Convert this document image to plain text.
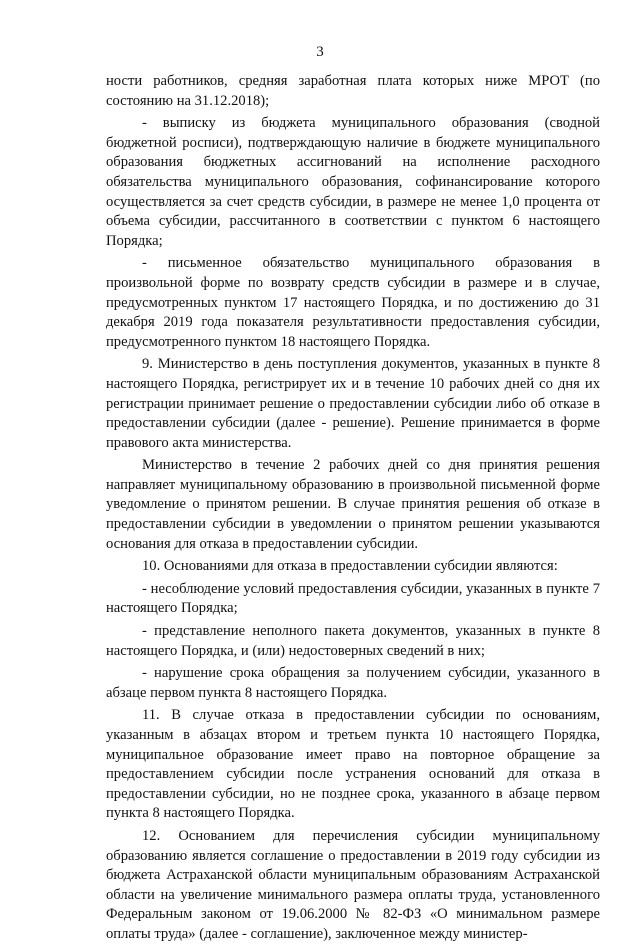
3

ности работников, средняя заработная плата которых ниже МРОТ (по состоянию на 31.12.2018);

- выписку из бюджета муниципального образования (сводной бюджетной росписи), подтверждающую наличие в бюджете муниципального образования бюджетных ассигнований на исполнение расходного обязательства муниципального образования, софинансирование которого осуществляется за счет средств субсидии, в размере не менее 1,0 процента от объема субсидии, рассчитанного в соответствии с пунктом 6 настоящего Порядка;

- письменное обязательство муниципального образования в произвольной форме по возврату средств субсидии в размере и в случае, предусмотренных пунктом 17 настоящего Порядка, и по достижению до 31 декабря 2019 года показателя результативности предоставления субсидии, предусмотренного пунктом 18 настоящего Порядка.

9. Министерство в день поступления документов, указанных в пункте 8 настоящего Порядка, регистрирует их и в течение 10 рабочих дней со дня их регистрации принимает решение о предоставлении субсидии либо об отказе в предоставлении субсидии (далее - решение). Решение принимается в форме правового акта министерства.

Министерство в течение 2 рабочих дней со дня принятия решения направляет муниципальному образованию в произвольной письменной форме уведомление о принятом решении. В случае принятия решения об отказе в предоставлении субсидии в уведомлении о принятом решении указываются основания для отказа в предоставлении субсидии.

10. Основаниями для отказа в предоставлении субсидии являются:

- несоблюдение условий предоставления субсидии, указанных в пункте 7 настоящего Порядка;

- представление неполного пакета документов, указанных в пункте 8 настоящего Порядка, и (или) недостоверных сведений в них;

- нарушение срока обращения за получением субсидии, указанного в абзаце первом пункта 8 настоящего Порядка.

11. В случае отказа в предоставлении субсидии по основаниям, указанным в абзацах втором и третьем пункта 10 настоящего Порядка, муниципальное образование имеет право на повторное обращение за предоставлением субсидии после устранения оснований для отказа в предоставлении субсидии, но не позднее срока, указанного в абзаце первом пункта 8 настоящего Порядка.

12. Основанием для перечисления субсидии муниципальному образованию является соглашение о предоставлении в 2019 году субсидии из бюджета Астраханской области муниципальным образованиям Астраханской области на увеличение минимального размера оплаты труда, установленного Федеральным законом от 19.06.2000 № 82-ФЗ «О минимальном размере оплаты труда» (далее - соглашение), заключенное между министер-
